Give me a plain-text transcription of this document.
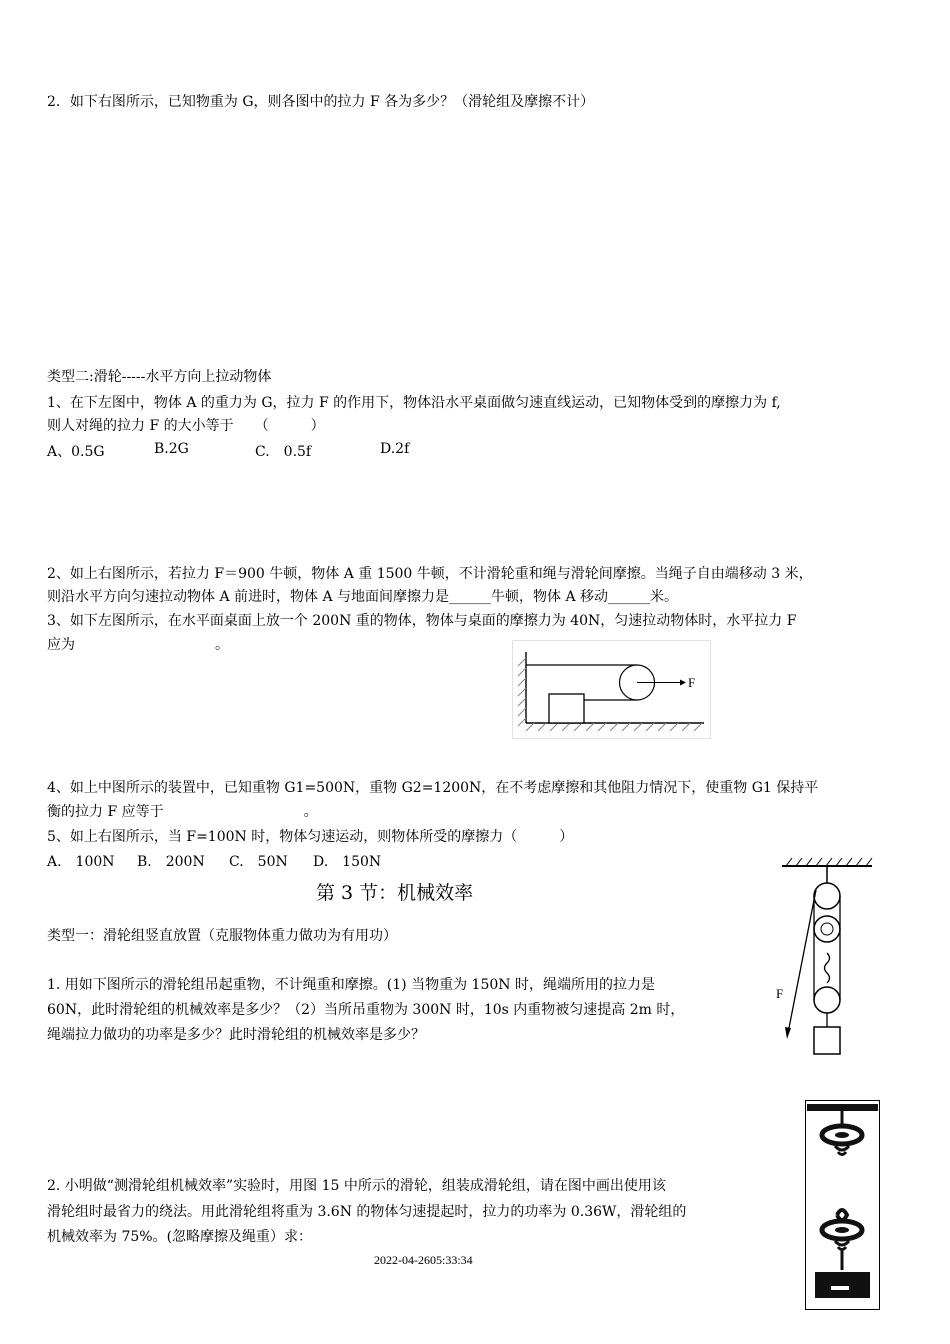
2．如下右图所示，已知物重为 G，则各图中的拉力 F 各为多少？（滑轮组及摩擦不计）
类型二:滑轮-----水平方向上拉动物体
1、在下左图中，物体 A 的重力为 G，拉力 F 的作用下，物体沿水平桌面做匀速直线运动，已知物体受到的摩擦力为 f,
则人对绳的拉力 F 的大小等于　　（　　　）
A、0.5G	B.2G	C.　0.5f	D.2f
2、如上右图所示，若拉力 F＝900 牛顿，物体 A 重 1500 牛顿，不计滑轮重和绳与滑轮间摩擦。当绳子自由端移动 3 米，
则沿水平方向匀速拉动物体 A 前进时，物体 A 与地面间摩擦力是______牛顿，物体 A 移动______米。
3、如下左图所示，在水平面桌面上放一个 200N 重的物体，物体与桌面的摩擦力为 40N，匀速拉动物体时，水平拉力 F
应为　　　　　　　　　　。
F
4、如上中图所示的装置中，已知重物 G1=500N，重物 G2=1200N，在不考虑摩擦和其他阻力情况下，使重物 G1 保持平
衡的拉力 F 应等于　　　　　　　　　　。
5、如上右图所示，当 F=100N 时，物体匀速运动，则物体所受的摩擦力（　　　）
A.　100N B.　200N C.　50N D.　150N
第 3 节：机械效率
F
类型一：滑轮组竖直放置（克服物体重力做功为有用功）
1. 用如下图所示的滑轮组吊起重物，不计绳重和摩擦。(1) 当物重为 150N 时，绳端所用的拉力是
60N，此时滑轮组的机械效率是多少？（2）当所吊重物为 300N 时，10s 内重物被匀速提高 2m 时，
绳端拉力做功的功率是多少？此时滑轮组的机械效率是多少？
2. 小明做“测滑轮组机械效率”实验时，用图 15 中所示的滑轮，组装成滑轮组，请在图中画出使用该
滑轮组时最省力的绕法。用此滑轮组将重为 3.6N 的物体匀速提起时，拉力的功率为 0.36W，滑轮组的
机械效率为 75%。(忽略摩擦及绳重）求：
2022-04-2605:33:34
